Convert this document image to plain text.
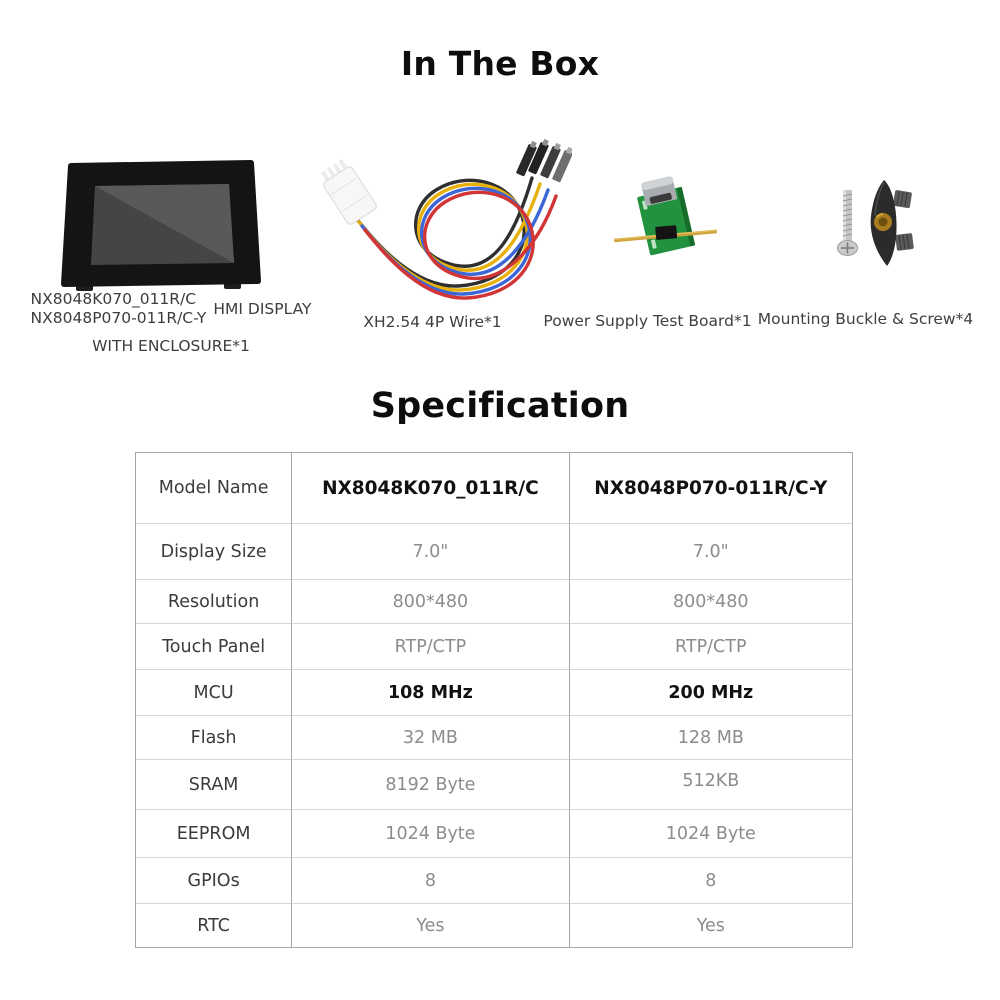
In The Box
NX8048K070_011R/C
NX8048P070-011R/C-Y HMI DISPLAY
WITH ENCLOSURE*1
XH2.54 4P Wire*1	Power Supply Test Board*1 Mounting Buckle & Screw*4
Specification
Model Name	NX8048K070_011R/C	NX8048P070-011R/C-Y
Display Size	7.0"	7.0"
Resolution	800*480	800*480
Touch Panel	RTP/CTP	RTP/CTP
MCU	108 MHz	200 MHz
Flash	32 MB	128 MB
SRAM	8192 Byte	512KB
EEPROM	1024 Byte	1024 Byte
GPIOs	8	8
RTC	Yes	Yes
